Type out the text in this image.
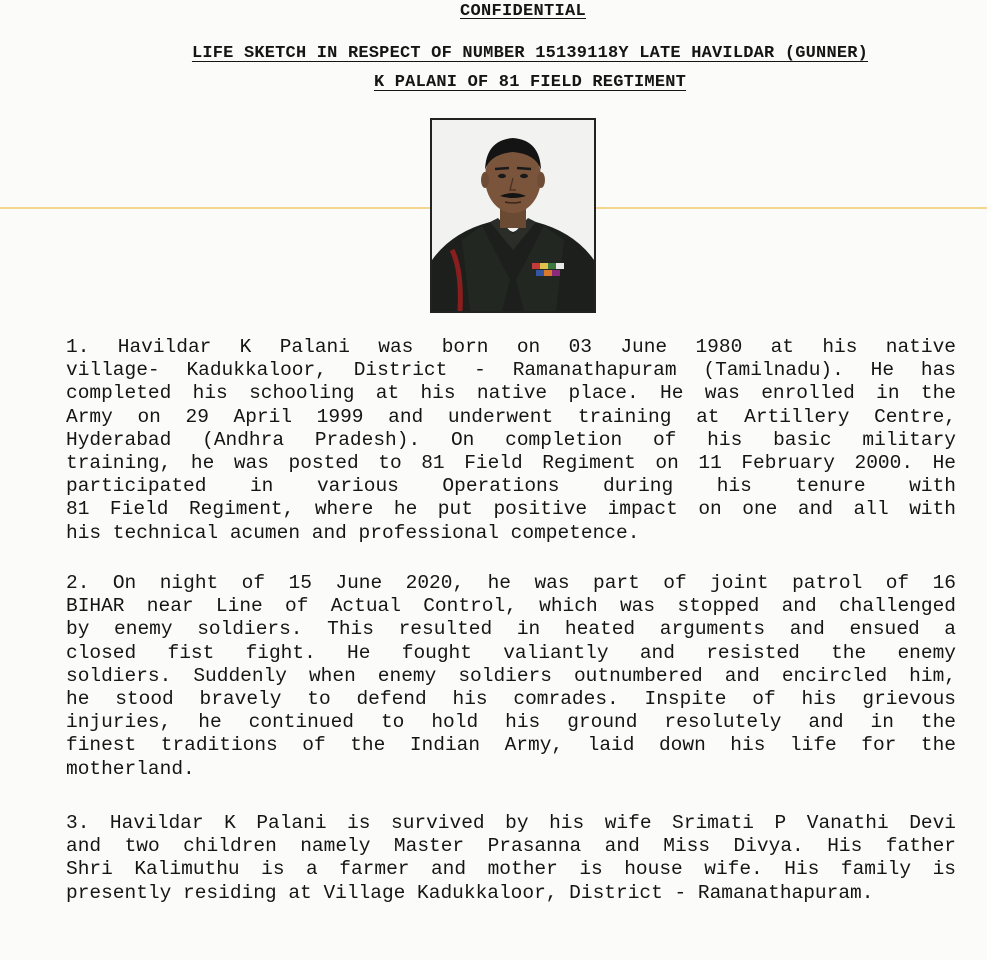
CONFIDENTIAL
LIFE SKETCH IN RESPECT OF NUMBER 15139118Y LATE HAVILDAR (GUNNER)
K PALANI OF 81 FIELD REGTIMENT
1. Havildar K Palani was born on 03 June 1980 at his native
village- Kadukkaloor, District - Ramanathapuram (Tamilnadu). He has
completed his schooling at his native place. He was enrolled in the
Army on 29 April 1999 and underwent training at Artillery Centre,
Hyderabad (Andhra Pradesh). On completion of his basic military
training, he was posted to 81 Field Regiment on 11 February 2000. He
participated in various Operations during his tenure with
81 Field Regiment, where he put positive impact on one and all with
his technical acumen and professional competence.
2. On night of 15 June 2020, he was part of joint patrol of 16
BIHAR near Line of Actual Control, which was stopped and challenged
by enemy soldiers. This resulted in heated arguments and ensued a
closed fist fight. He fought valiantly and resisted the enemy
soldiers. Suddenly when enemy soldiers outnumbered and encircled him,
he stood bravely to defend his comrades. Inspite of his grievous
injuries, he continued to hold his ground resolutely and in the
finest traditions of the Indian Army, laid down his life for the
motherland.
3. Havildar K Palani is survived by his wife Srimati P Vanathi Devi
and two children namely Master Prasanna and Miss Divya. His father
Shri Kalimuthu is a farmer and mother is house wife. His family is
presently residing at Village Kadukkaloor, District - Ramanathapuram.
